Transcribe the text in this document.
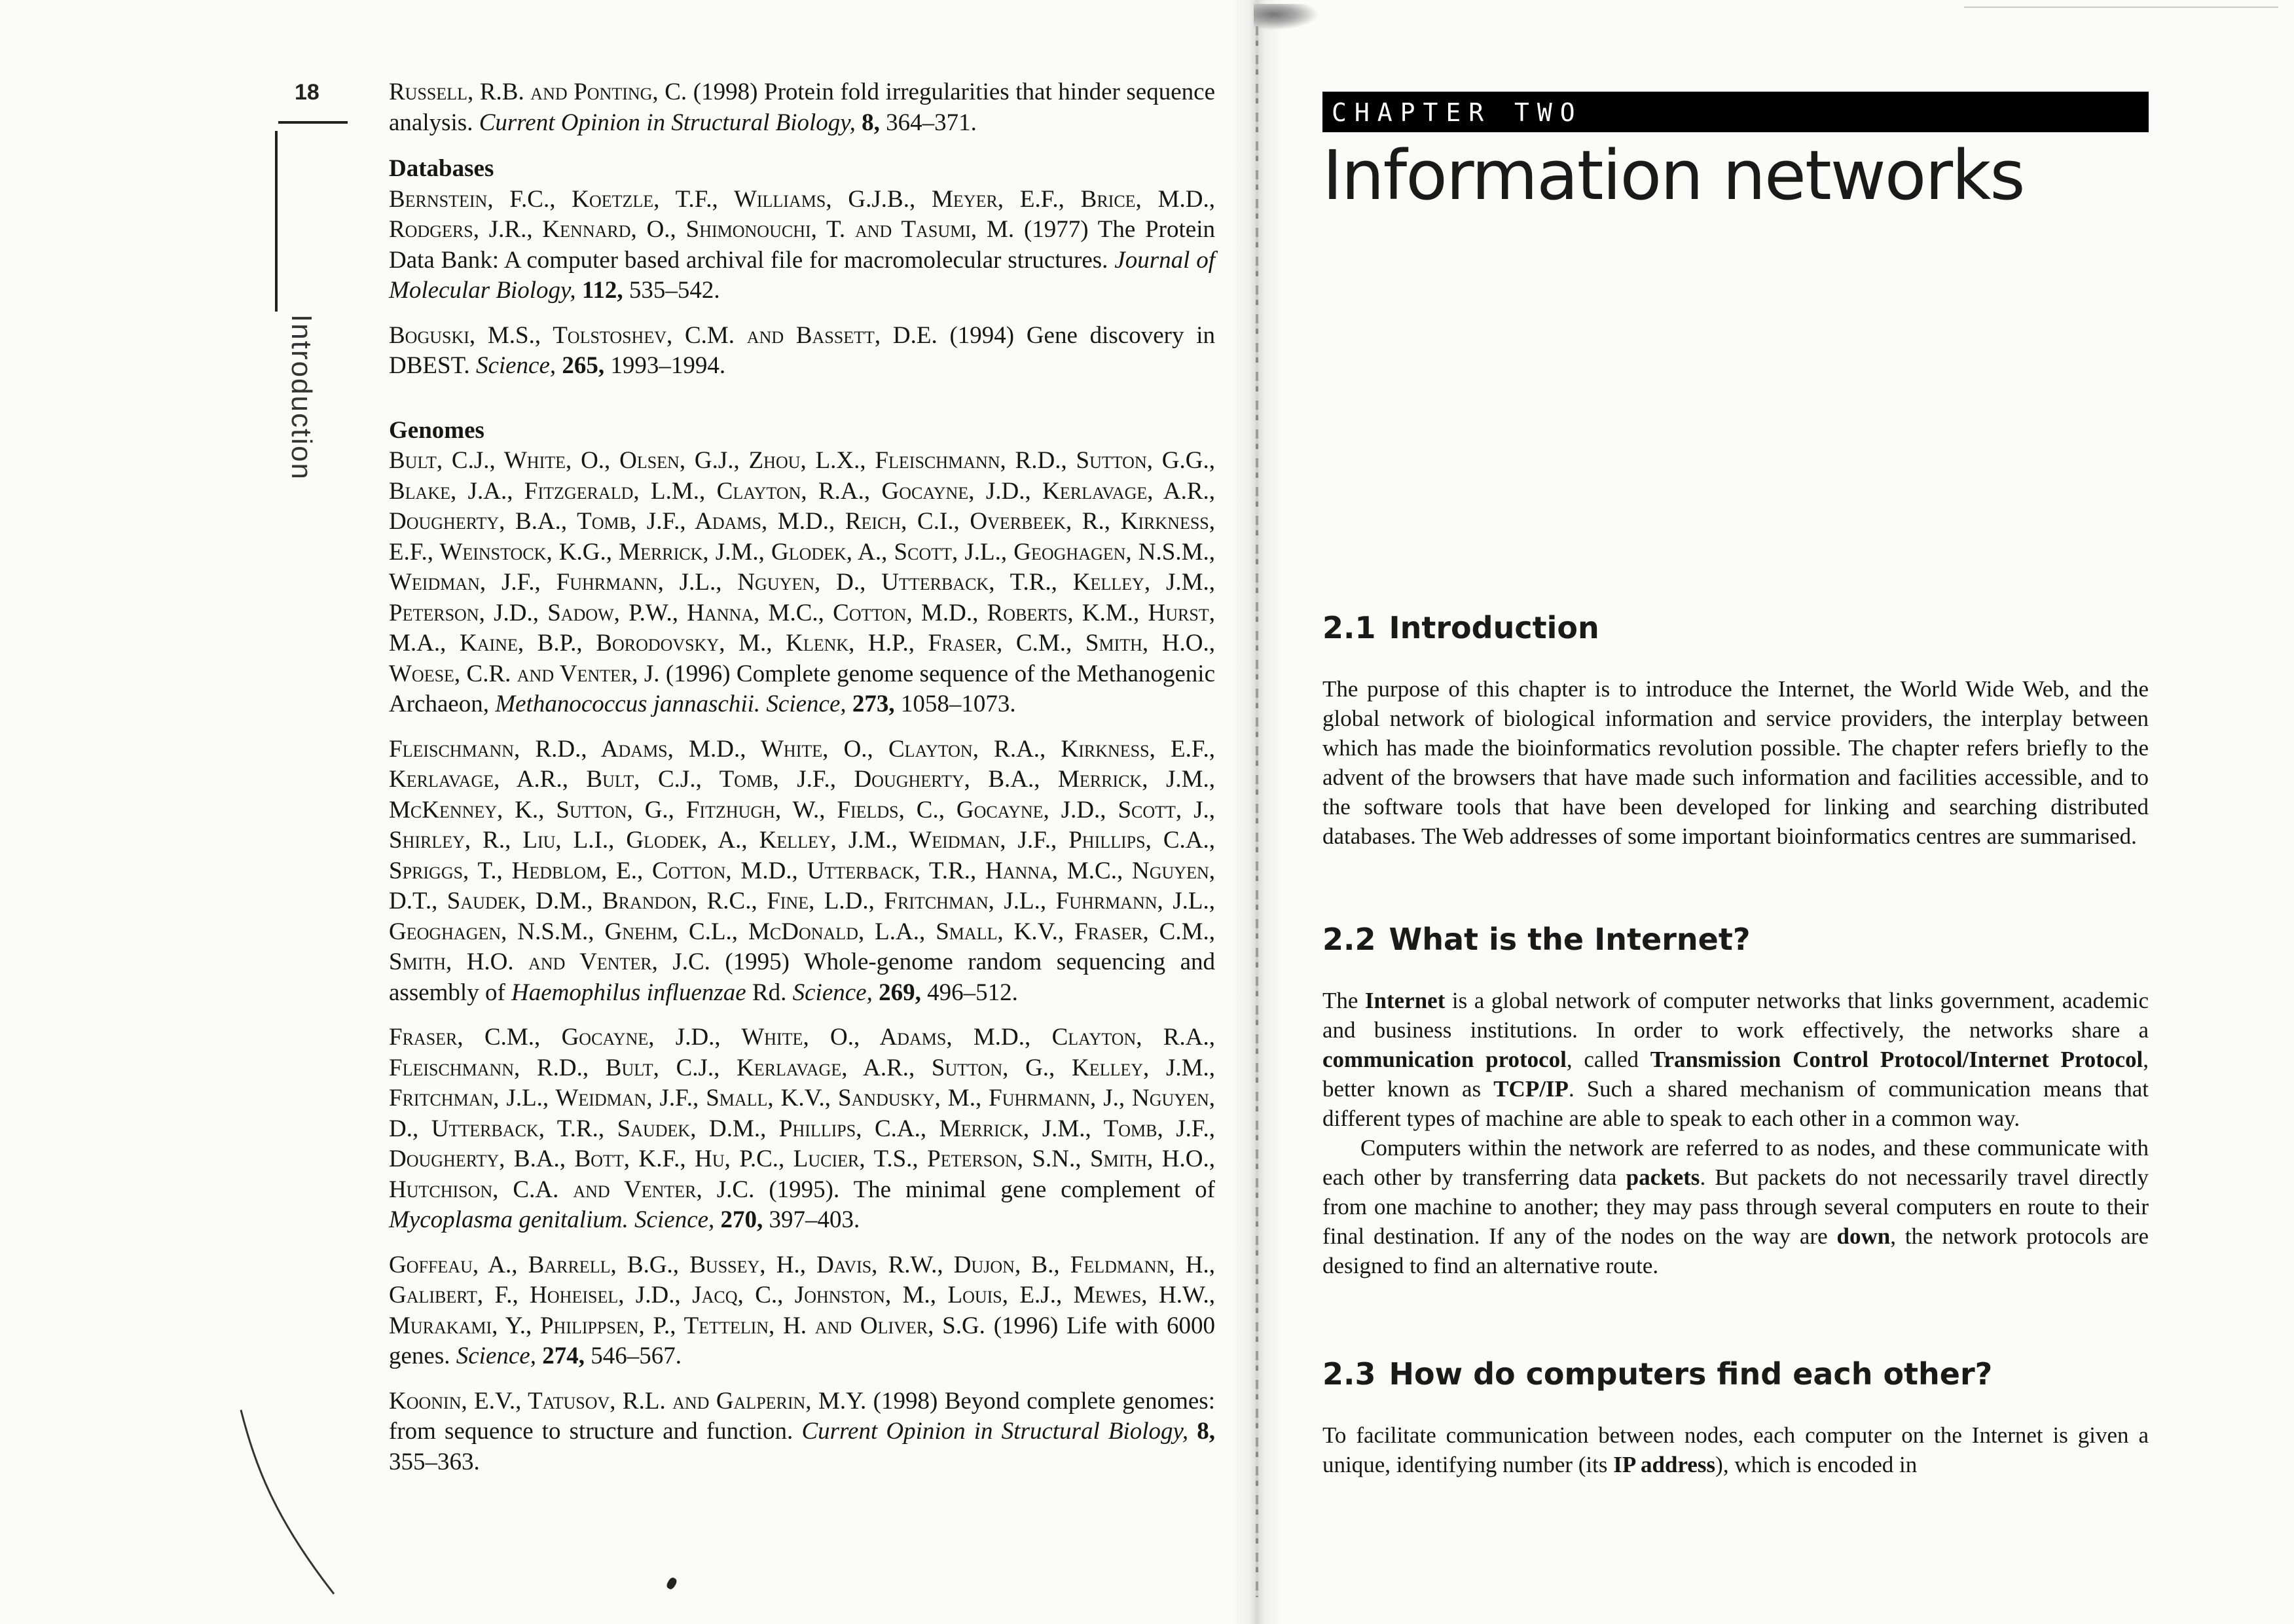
18
Introduction

Russell, R.B. and Ponting, C. (1998) Protein fold irregularities that hinder sequence analysis. Current Opinion in Structural Biology, 8, 364–371.

Databases

Bernstein, F.C., Koetzle, T.F., Williams, G.J.B., Meyer, E.F., Brice, M.D., Rodgers, J.R., Kennard, O., Shimonouchi, T. and Tasumi, M. (1977) The Protein Data Bank: A computer based archival file for macromolecular structures. Journal of Molecular Biology, 112, 535–542.

Boguski, M.S., Tolstoshev, C.M. and Bassett, D.E. (1994) Gene discovery in DBEST. Science, 265, 1993–1994.

Genomes

Bult, C.J., White, O., Olsen, G.J., Zhou, L.X., Fleischmann, R.D., Sutton, G.G., Blake, J.A., Fitzgerald, L.M., Clayton, R.A., Gocayne, J.D., Kerlavage, A.R., Dougherty, B.A., Tomb, J.F., Adams, M.D., Reich, C.I., Overbeek, R., Kirkness, E.F., Weinstock, K.G., Merrick, J.M., Glodek, A., Scott, J.L., Geoghagen, N.S.M., Weidman, J.F., Fuhrmann, J.L., Nguyen, D., Utterback, T.R., Kelley, J.M., Peterson, J.D., Sadow, P.W., Hanna, M.C., Cotton, M.D., Roberts, K.M., Hurst, M.A., Kaine, B.P., Borodovsky, M., Klenk, H.P., Fraser, C.M., Smith, H.O., Woese, C.R. and Venter, J. (1996) Complete genome sequence of the Methanogenic Archaeon, Methanococcus jannaschii. Science, 273, 1058–1073.

Fleischmann, R.D., Adams, M.D., White, O., Clayton, R.A., Kirkness, E.F., Kerlavage, A.R., Bult, C.J., Tomb, J.F., Dougherty, B.A., Merrick, J.M., McKenney, K., Sutton, G., Fitzhugh, W., Fields, C., Gocayne, J.D., Scott, J., Shirley, R., Liu, L.I., Glodek, A., Kelley, J.M., Weidman, J.F., Phillips, C.A., Spriggs, T., Hedblom, E., Cotton, M.D., Utterback, T.R., Hanna, M.C., Nguyen, D.T., Saudek, D.M., Brandon, R.C., Fine, L.D., Fritchman, J.L., Fuhrmann, J.L., Geoghagen, N.S.M., Gnehm, C.L., McDonald, L.A., Small, K.V., Fraser, C.M., Smith, H.O. and Venter, J.C. (1995) Whole-genome random sequencing and assembly of Haemophilus influenzae Rd. Science, 269, 496–512.

Fraser, C.M., Gocayne, J.D., White, O., Adams, M.D., Clayton, R.A., Fleischmann, R.D., Bult, C.J., Kerlavage, A.R., Sutton, G., Kelley, J.M., Fritchman, J.L., Weidman, J.F., Small, K.V., Sandusky, M., Fuhrmann, J., Nguyen, D., Utterback, T.R., Saudek, D.M., Phillips, C.A., Merrick, J.M., Tomb, J.F., Dougherty, B.A., Bott, K.F., Hu, P.C., Lucier, T.S., Peterson, S.N., Smith, H.O., Hutchison, C.A. and Venter, J.C. (1995). The minimal gene complement of Mycoplasma genitalium. Science, 270, 397–403.

Goffeau, A., Barrell, B.G., Bussey, H., Davis, R.W., Dujon, B., Feldmann, H., Galibert, F., Hoheisel, J.D., Jacq, C., Johnston, M., Louis, E.J., Mewes, H.W., Murakami, Y., Philippsen, P., Tettelin, H. and Oliver, S.G. (1996) Life with 6000 genes. Science, 274, 546–567.

Koonin, E.V., Tatusov, R.L. and Galperin, M.Y. (1998) Beyond complete genomes: from sequence to structure and function. Current Opinion in Structural Biology, 8, 355–363.

CHAPTER TWO
Information networks
2.1 Introduction

The purpose of this chapter is to introduce the Internet, the World Wide Web, and the global network of biological information and service providers, the interplay between which has made the bioinformatics revolution possible. The chapter refers briefly to the advent of the browsers that have made such information and facilities accessible, and to the software tools that have been developed for linking and searching distributed databases. The Web addresses of some important bioinformatics centres are summarised.

2.2 What is the Internet?

The Internet is a global network of computer networks that links government, academic and business institutions. In order to work effectively, the networks share a communication protocol, called Transmission Control Protocol/Internet Protocol, better known as TCP/IP. Such a shared mechanism of communication means that different types of machine are able to speak to each other in a common way.

Computers within the network are referred to as nodes, and these communicate with each other by transferring data packets. But packets do not necessarily travel directly from one machine to another; they may pass through several computers en route to their final destination. If any of the nodes on the way are down, the network protocols are designed to find an alternative route.

2.3 How do computers find each other?

To facilitate communication between nodes, each computer on the Internet is given a unique, identifying number (its IP address), which is encoded in
